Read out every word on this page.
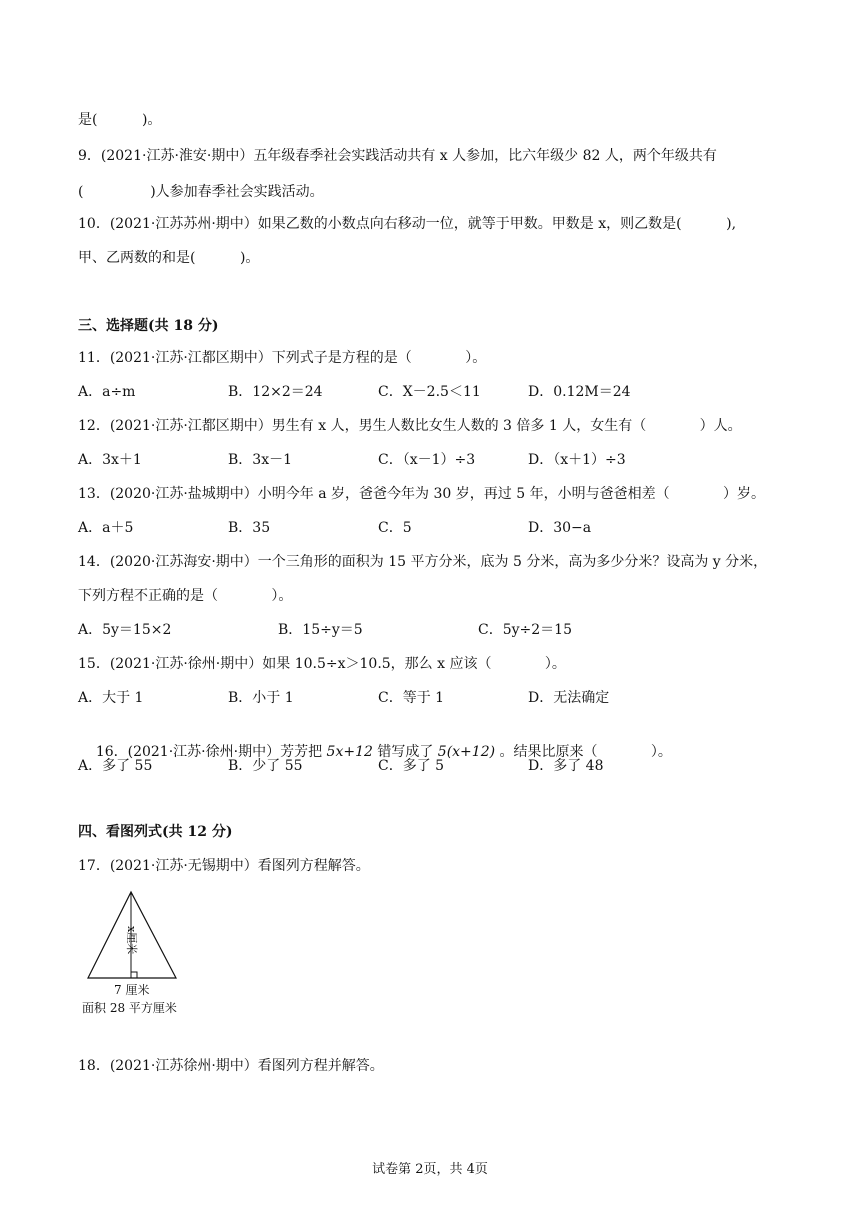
是(          )。
9．(2021·江苏·淮安·期中）五年级春季社会实践活动共有 x 人参加，比六年级少 82 人，两个年级共有
(               )人参加春季社会实践活动。
10．(2021·江苏苏州·期中）如果乙数的小数点向右移动一位，就等于甲数。甲数是 x，则乙数是(          ),
甲、乙两数的和是(          )。
三、选择题(共 18 分)
11．(2021·江苏·江都区期中）下列式子是方程的是（            ）。
A．a÷m	B．12×2＝24	C．X－2.5＜11	D．0.12M＝24
12．(2021·江苏·江都区期中）男生有 x 人，男生人数比女生人数的 3 倍多 1 人，女生有（            ）人。
A．3x＋1	B．3x－1	C．（x－1）÷3	D．（x＋1）÷3
13．(2020·江苏·盐城期中）小明今年 a 岁，爸爸今年为 30 岁，再过 5 年，小明与爸爸相差（            ）岁。
A．a＋5	B．35	C．5	D．30−a
14．(2020·江苏海安·期中）一个三角形的面积为 15 平方分米，底为 5 分米，高为多少分米？设高为 y 分米，
下列方程不正确的是（            ）。
A．5y＝15×2	B．15÷y＝5	C．5y÷2＝15
15．(2021·江苏·徐州·期中）如果 10.5÷x＞10.5，那么 x 应该（            ）。
A．大于 1	B．小于 1	C．等于 1	D．无法确定

16．(2021·江苏·徐州·期中）芳芳把 5x+12 错写成了 5(x+12) 。结果比原来（            ）。

A．多了 55	B．少了 55	C．多了 5	D．多了 48
四、看图列式(共 12 分)
17．(2021·江苏·无锡期中）看图列方程解答。
x厘米
7 厘米
面积 28 平方厘米
18．(2021·江苏徐州·期中）看图列方程并解答。
试卷第 2页，共 4页
